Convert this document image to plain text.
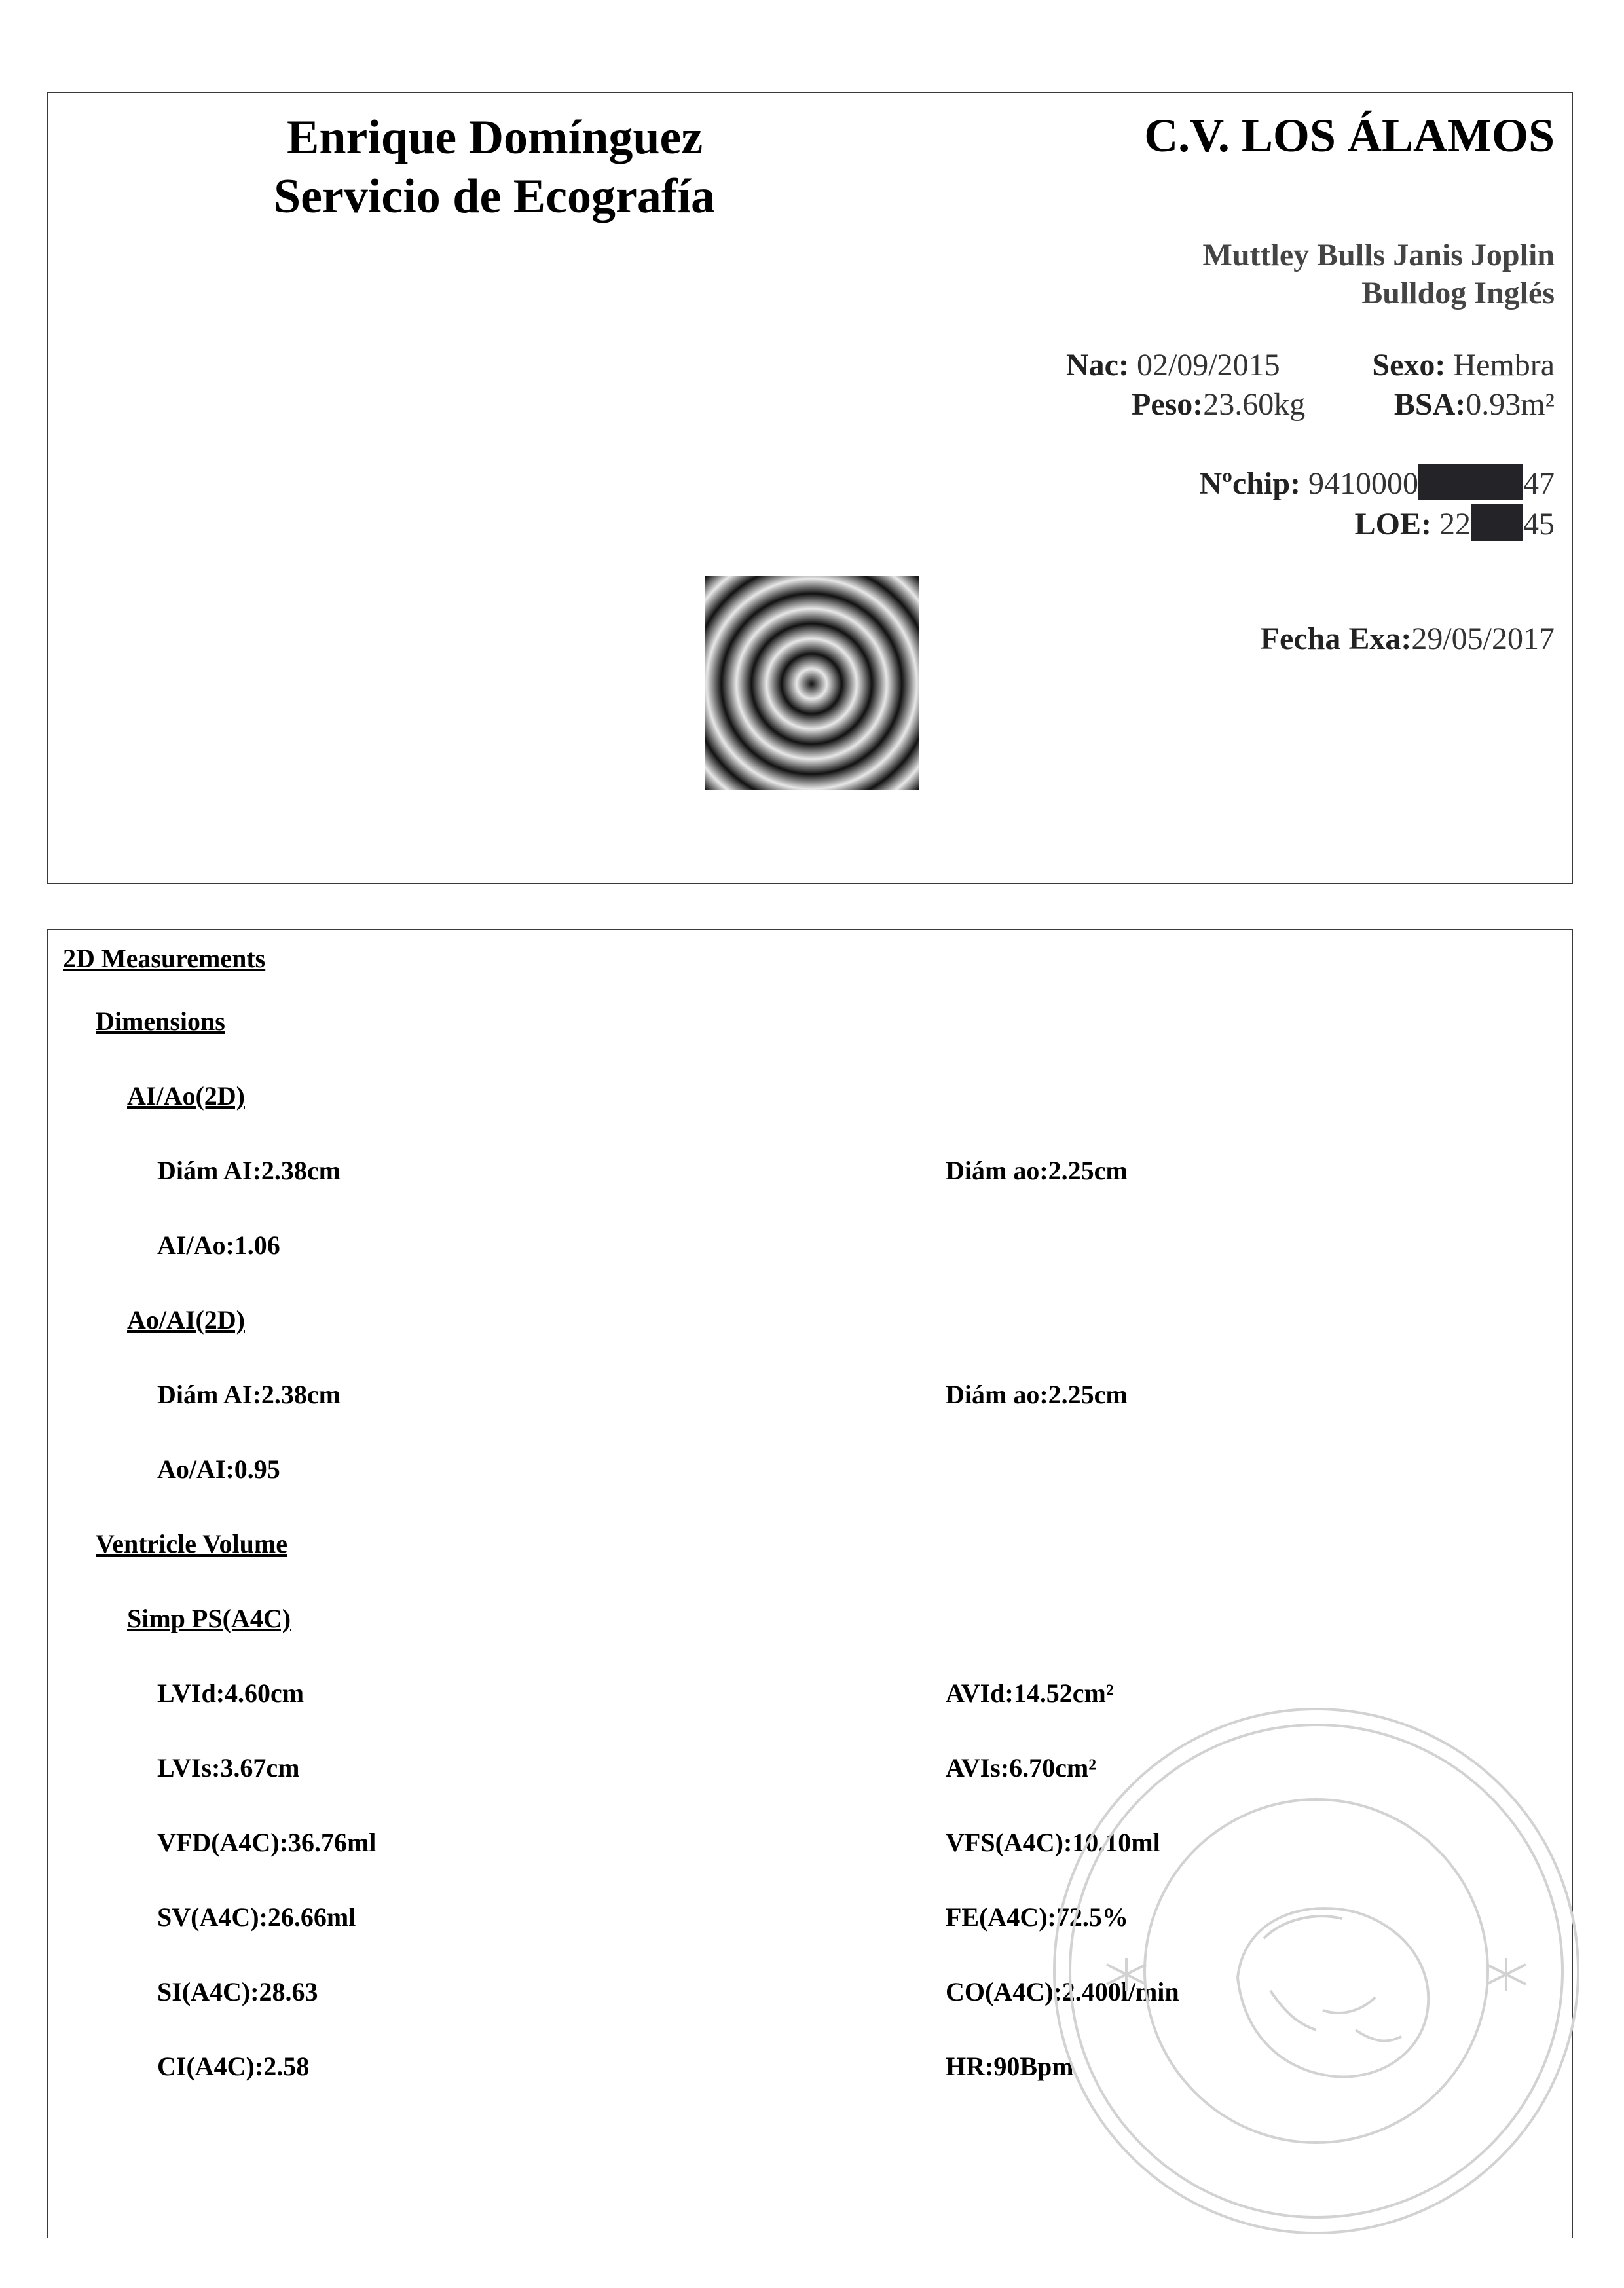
Enrique Domínguez
Servicio de Ecografía
C.V. LOS ÁLAMOS
Muttley Bulls Janis Joplin
Bulldog Inglés
Nac: 02/09/2015	Sexo: Hembra
Peso:23.60kg	BSA:0.93m²
Nºchip: 9410000	47
LOE: 22 45
Fecha Exa:29/05/2017
2D Measurements
Dimensions
AI/Ao(2D)
Diám AI:2.38cm	Diám ao:2.25cm
AI/Ao:1.06
Ao/AI(2D)
Diám AI:2.38cm	Diám ao:2.25cm
Ao/AI:0.95
Ventricle Volume
Simp PS(A4C)
LVId:4.60cm	AVId:14.52cm²
LVIs:3.67cm	AVIs:6.70cm²
VFD(A4C):36.76ml	VFS(A4C):10.10ml
SV(A4C):26.66ml	FE(A4C):72.5%
SI(A4C):28.63	CO(A4C):2.400l/min
CI(A4C):2.58	HR:90Bpm
